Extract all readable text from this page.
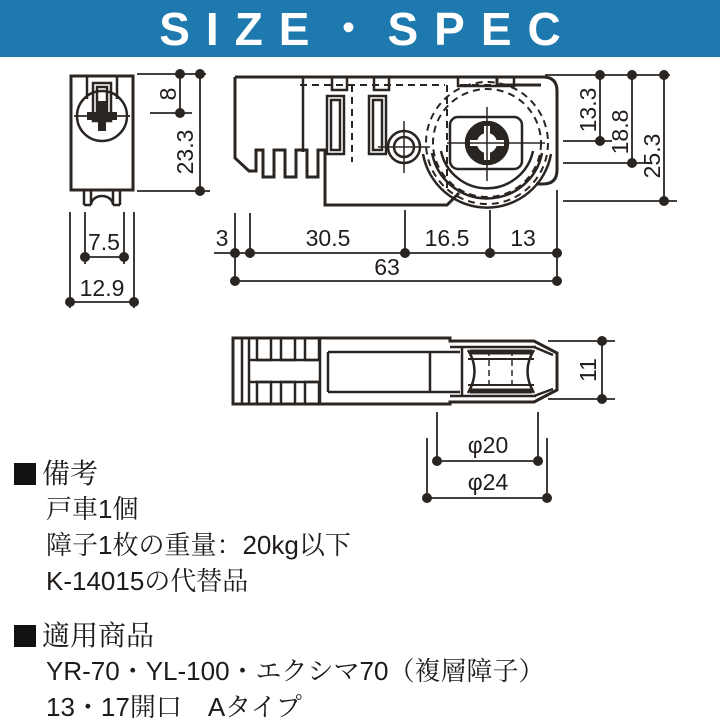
SIZE・SPEC
8
23.3
7.5
12.9
3	30.5	16.5 13
63
13.3 18.8
25.3
11
φ20
φ24
備考
戸車1個
障子1枚の重量：20kg以下
K-14015の代替品
適用商品
YR-70・YL-100・エクシマ70（複層障子）
13・17開口　Aタイプ
